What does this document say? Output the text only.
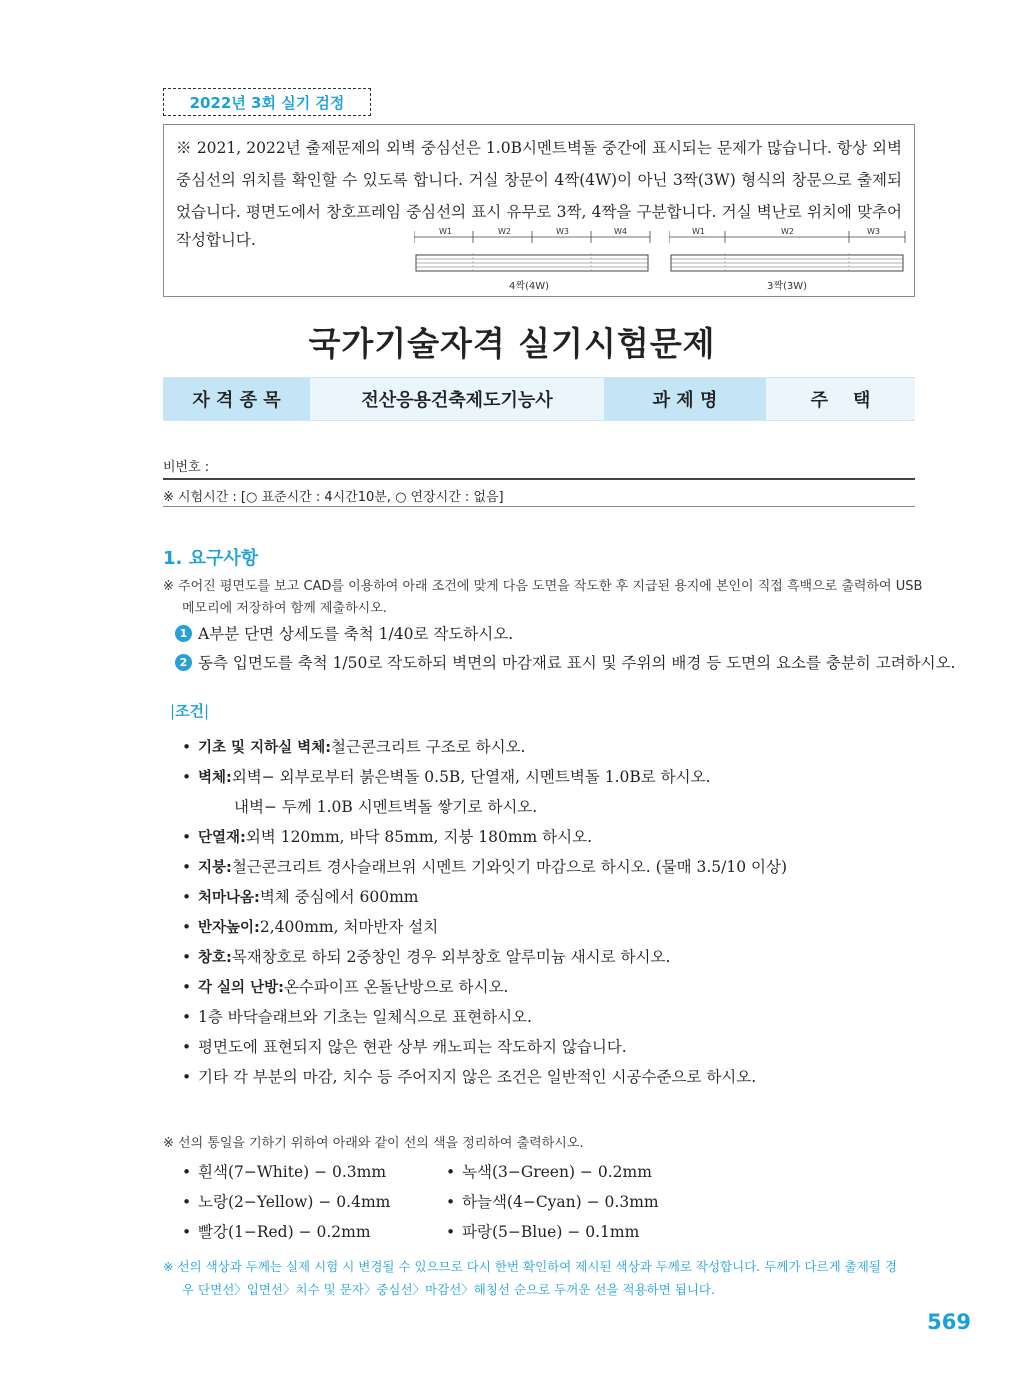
2022년 3회 실기 검정
※ 2021, 2022년 출제문제의 외벽 중심선은 1.0B시멘트벽돌 중간에 표시되는 문제가 많습니다. 항상 외벽 중심선의 위치를 확인할 수 있도록 합니다. 거실 창문이 4짝(4W)이 아닌 3짝(3W) 형식의 창문으로 출제되었습니다. 평면도에서 창호프레임 중심선의 표시 유무로 3짝, 4짝을 구분합니다. 거실 벽난로 위치에 맞추어
작성합니다.	W1	W2	W3	W4
4짝(4W)
W1	W2	W3
3짝(3W)
국가기술자격 실기시험문제
자 격 종 목	전산응용건축제도기능사	과 제 명	주    택
비번호 :
※ 시험시간 : [○ 표준시간 : 4시간10분, ○ 연장시간 : 없음]
1. 요구사항
※ 주어진 평면도를 보고 CAD를 이용하여 아래 조건에 맞게 다음 도면을 작도한 후 지급된 용지에 본인이 직접 흑백으로 출력하여 USB
메모리에 저장하여 함께 제출하시오.
1 A부분 단면 상세도를 축척 1/40로 작도하시오.
2 동측 입면도를 축척 1/50로 작도하되 벽면의 마감재료 표시 및 주위의 배경 등 도면의 요소를 충분히 고려하시오.
|조건|
• 기초 및 지하실 벽체: 철근콘크리트 구조로 하시오.
• 벽체: 외벽− 외부로부터 붉은벽돌 0.5B, 단열재, 시멘트벽돌 1.0B로 하시오.
내벽− 두께 1.0B 시멘트벽돌 쌓기로 하시오.
• 단열재: 외벽 120mm, 바닥 85mm, 지붕 180mm 하시오.
• 지붕: 철근콘크리트 경사슬래브위 시멘트 기와잇기 마감으로 하시오. (물매 3.5/10 이상)
• 처마나옴: 벽체 중심에서 600mm
• 반자높이: 2,400mm, 처마반자 설치
• 창호: 목재창호로 하되 2중창인 경우 외부창호 알루미늄 새시로 하시오.
• 각 실의 난방: 온수파이프 온돌난방으로 하시오.
• 1층 바닥슬래브와 기초는 일체식으로 표현하시오.
• 평면도에 표현되지 않은 현관 상부 캐노피는 작도하지 않습니다.
• 기타 각 부분의 마감, 치수 등 주어지지 않은 조건은 일반적인 시공수준으로 하시오.
※ 선의 통일을 기하기 위하여 아래와 같이 선의 색을 정리하여 출력하시오.
• 흰색(7−White) − 0.3mm
• 노랑(2−Yellow) − 0.4mm
• 빨강(1−Red) − 0.2mm
• 녹색(3−Green) − 0.2mm
• 하늘색(4−Cyan) − 0.3mm
• 파랑(5−Blue) − 0.1mm
※ 선의 색상과 두께는 실제 시험 시 변경될 수 있으므로 다시 한번 확인하여 제시된 색상과 두께로 작성합니다. 두께가 다르게 출제될 경
우 단면선〉입면선〉치수 및 문자〉중심선〉마감선〉해칭선 순으로 두꺼운 선을 적용하면 됩니다.
569
